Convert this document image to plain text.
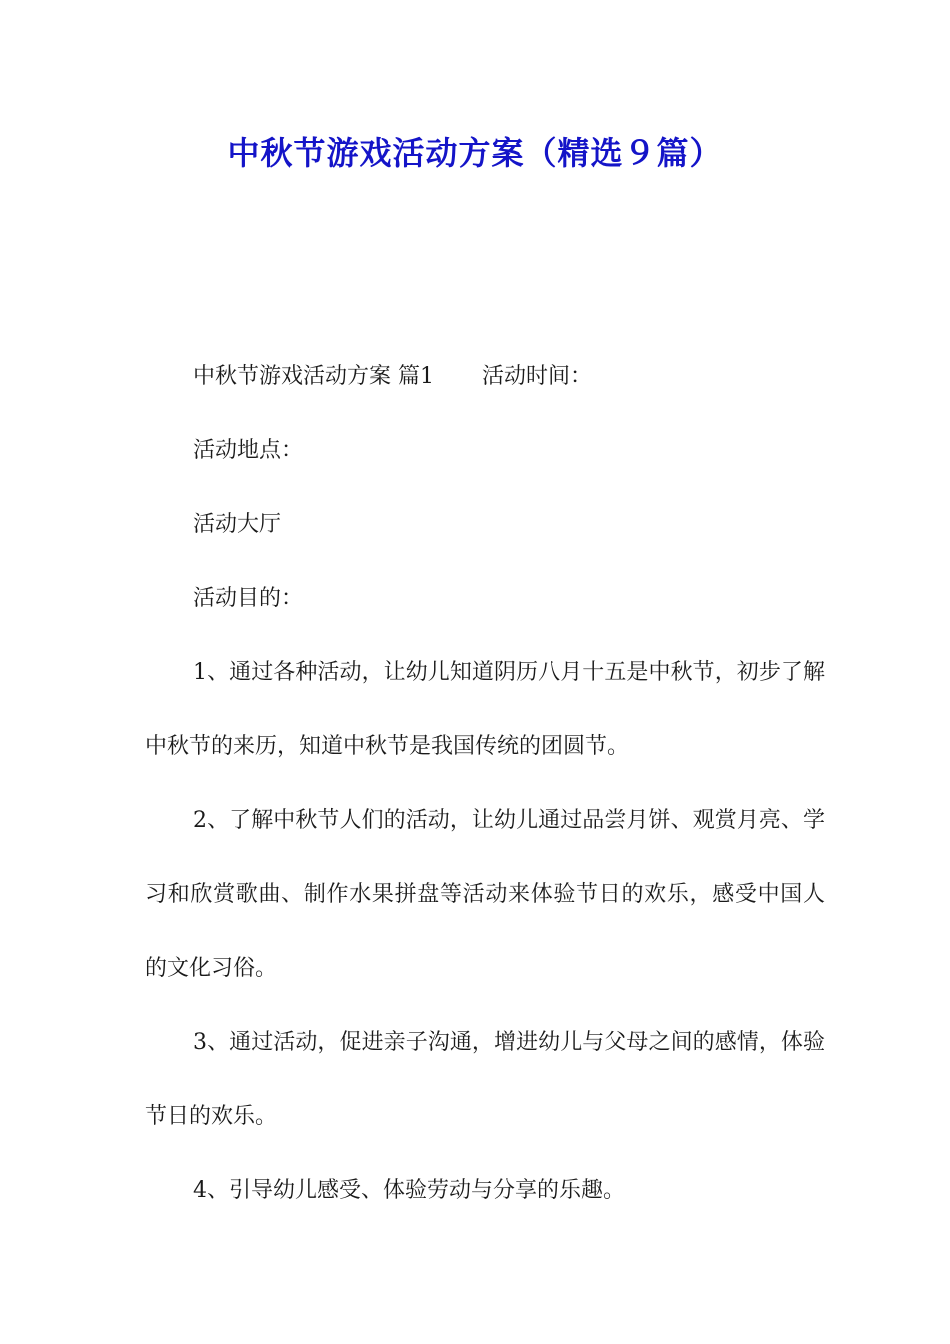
中秋节游戏活动方案（精选９篇）

中秋节游戏活动方案 篇1 活动时间：

活动地点：

活动大厅

活动目的：

1、通过各种活动，让幼儿知道阴历八月十五是中秋节，初步了解中秋节的来历，知道中秋节是我国传统的团圆节。

2、了解中秋节人们的活动，让幼儿通过品尝月饼、观赏月亮、学习和欣赏歌曲、制作水果拼盘等活动来体验节日的欢乐，感受中国人的文化习俗。

3、通过活动，促进亲子沟通，增进幼儿与父母之间的感情，体验节日的欢乐。

4、引导幼儿感受、体验劳动与分享的乐趣。
